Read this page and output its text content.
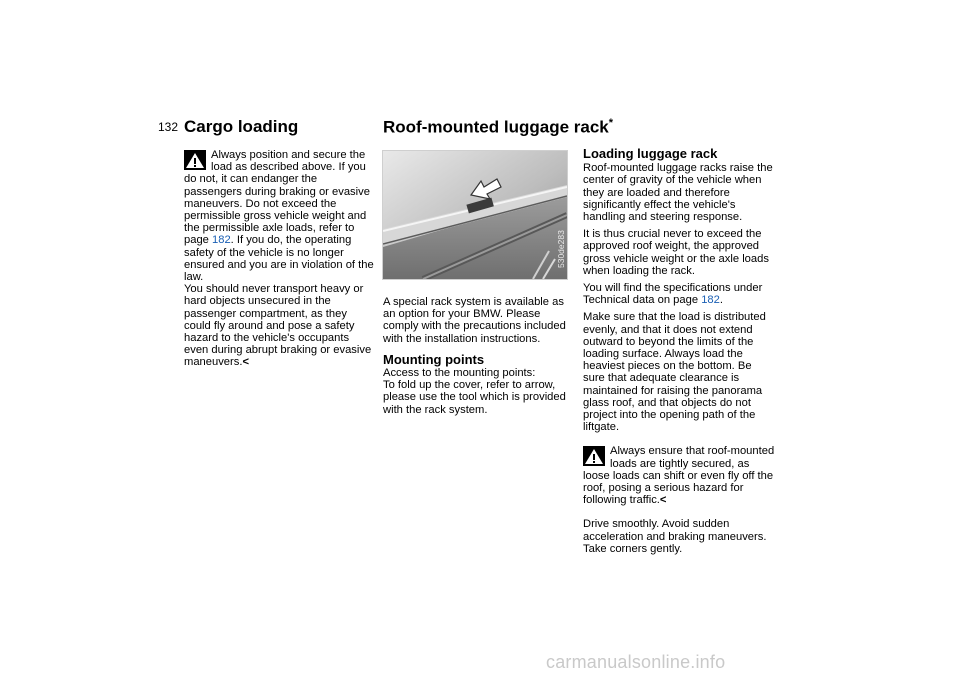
132 Cargo loading	Roof-mounted luggage rack*

Always position and secure the load as described above. If you do not, it can endanger the passengers during braking or evasive maneuvers. Do not exceed the permissible gross vehicle weight and the permissible axle loads, refer to page 182. If you do, the operating safety of the vehicle is no longer ensured and you are in violation of the law.

You should never transport heavy or hard objects unsecured in the passenger compartment, as they could fly around and pose a safety hazard to the vehicle's occupants even during abrupt braking or evasive maneuvers.<

530de283

A special rack system is available as an option for your BMW. Please comply with the precautions included with the installation instructions.

Mounting points

Access to the mounting points:

To fold up the cover, refer to arrow, please use the tool which is provided with the rack system.

Loading luggage rack

Roof-mounted luggage racks raise the center of gravity of the vehicle when they are loaded and therefore significantly effect the vehicle's handling and steering response.

It is thus crucial never to exceed the approved roof weight, the approved gross vehicle weight or the axle loads when loading the rack.

You will find the specifications under Technical data on page 182.

Make sure that the load is distributed evenly, and that it does not extend outward to beyond the limits of the loading surface. Always load the heaviest pieces on the bottom. Be sure that adequate clearance is maintained for raising the panorama glass roof, and that objects do not project into the opening path of the liftgate.

Always ensure that roof-mounted loads are tightly secured, as loose loads can shift or even fly off the roof, posing a serious hazard for following traffic.<

Drive smoothly. Avoid sudden acceleration and braking maneuvers. Take corners gently.

carmanualsonline.info
